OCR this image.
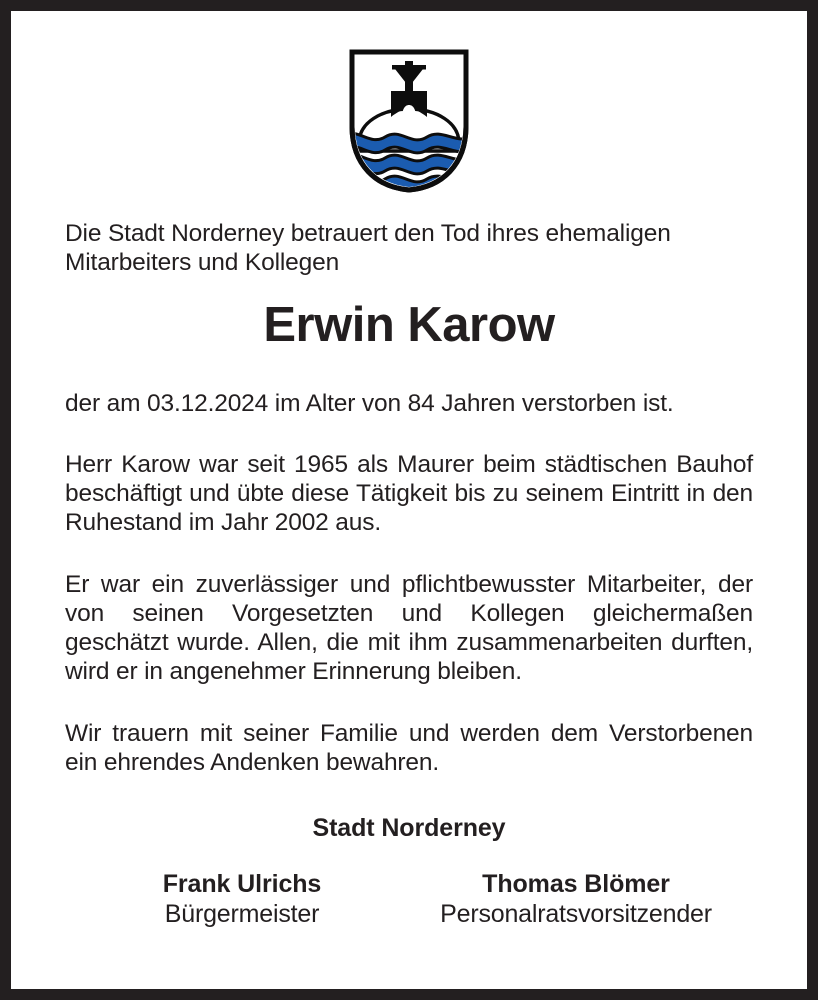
Die Stadt Norderney betrauert den Tod ihres ehemaligen Mitarbeiters und Kollegen

Erwin Karow

der am 03.12.2024 im Alter von 84 Jahren verstorben ist.

Herr Karow war seit 1965 als Maurer beim städtischen Bauhof beschäftigt und übte diese Tätigkeit bis zu seinem Eintritt in den Ruhestand im Jahr 2002 aus.

Er war ein zuverlässiger und pflichtbewusster Mitarbeiter, der von seinen Vorgesetzten und Kollegen gleichermaßen geschätzt wurde. Allen, die mit ihm zusammenarbeiten durften, wird er in angenehmer Erinnerung bleiben.

Wir trauern mit seiner Familie und werden dem Verstorbenen ein ehrendes Andenken bewahren.

Stadt Norderney
Frank Ulrichs
Bürgermeister
Thomas Blömer
Personalratsvorsitzender
